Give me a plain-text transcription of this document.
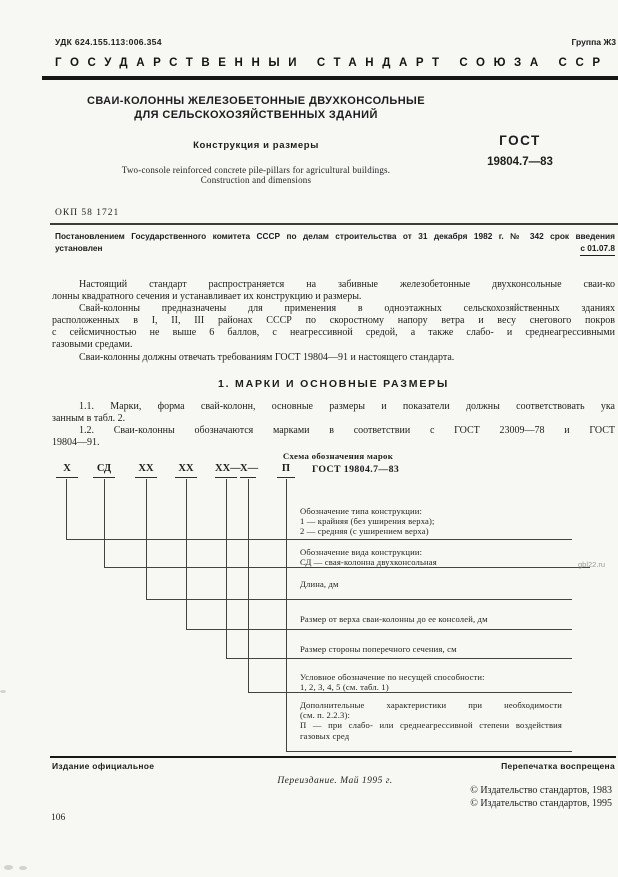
УДК 624.155.113:006.354	Группа Ж3
ГОСУДАРСТВЕННЫЙ СТАНДАРТ СОЮЗА ССР
СВАИ-КОЛОННЫ ЖЕЛЕЗОБЕТОННЫЕ ДВУХКОНСОЛЬНЫЕ
ДЛЯ СЕЛЬСКОХОЗЯЙСТВЕННЫХ ЗДАНИЙ
Конструкция и размеры
Two-console reinforced concrete pile-pillars for agricultural buildings.
Construction and dimensions
ГОСТ
19804.7—83
ОКП 58 1721
Постановлением Государственного комитета СССР по делам строительства от 31 декабря 1982 г. № 342 срок введения
установлен	с 01.07.8
Настоящий стандарт распространяется на забивные железобетонные двухконсольные сваи-ко
лонны квадратного сечения и устанавливает их конструкцию и размеры.
Свай-колонны предназначены для применения в одноэтажных сельскохозяйственных зданиях
расположенных в I, II, III районах СССР по скоростному напору ветра и весу снегового покров
с сейсмичностью не выше 6 баллов, с неагрессивной средой, а также слабо- и среднеагрессивными
газовыми средами.
Сваи-колонны должны отвечать требованиям ГОСТ 19804—91 и настоящего стандарта.
1. МАРКИ И ОСНОВНЫЕ РАЗМЕРЫ
1.1. Марки, форма свай-колонн, основные размеры и показатели должны соответствовать ука
занным в табл. 2.
1.2. Сваи-колонны обозначаются марками в соответствии с ГОСТ 23009—78 и ГОСТ
19804—91.
Схема обозначения марок
X	СД	XX	XX	XX— X—	П	ГОСТ 19804.7—83
gbl22.ru
Обозначение типа конструкции:
1 — крайняя (без уширения верха);
2 — средняя (с уширением верха)
Обозначение вида конструкции:
СД — свая-колонна двухконсольная
Длина, дм
Размер от верха сваи-колонны до ее консолей, дм
Размер стороны поперечного сечения, см
Условное обозначение по несущей способности:
1, 2, 3, 4, 5 (см. табл. 1)
Дополнительные характеристики при необходимости
(см. п. 2.2.3):
П — при слабо- или среднеагрессивной степени воздействия
газовых сред
Издание официальное	Перепечатка воспрещена
Переиздание. Май 1995 г.
© Издательство стандартов, 1983
© Издательство стандартов, 1995
106
